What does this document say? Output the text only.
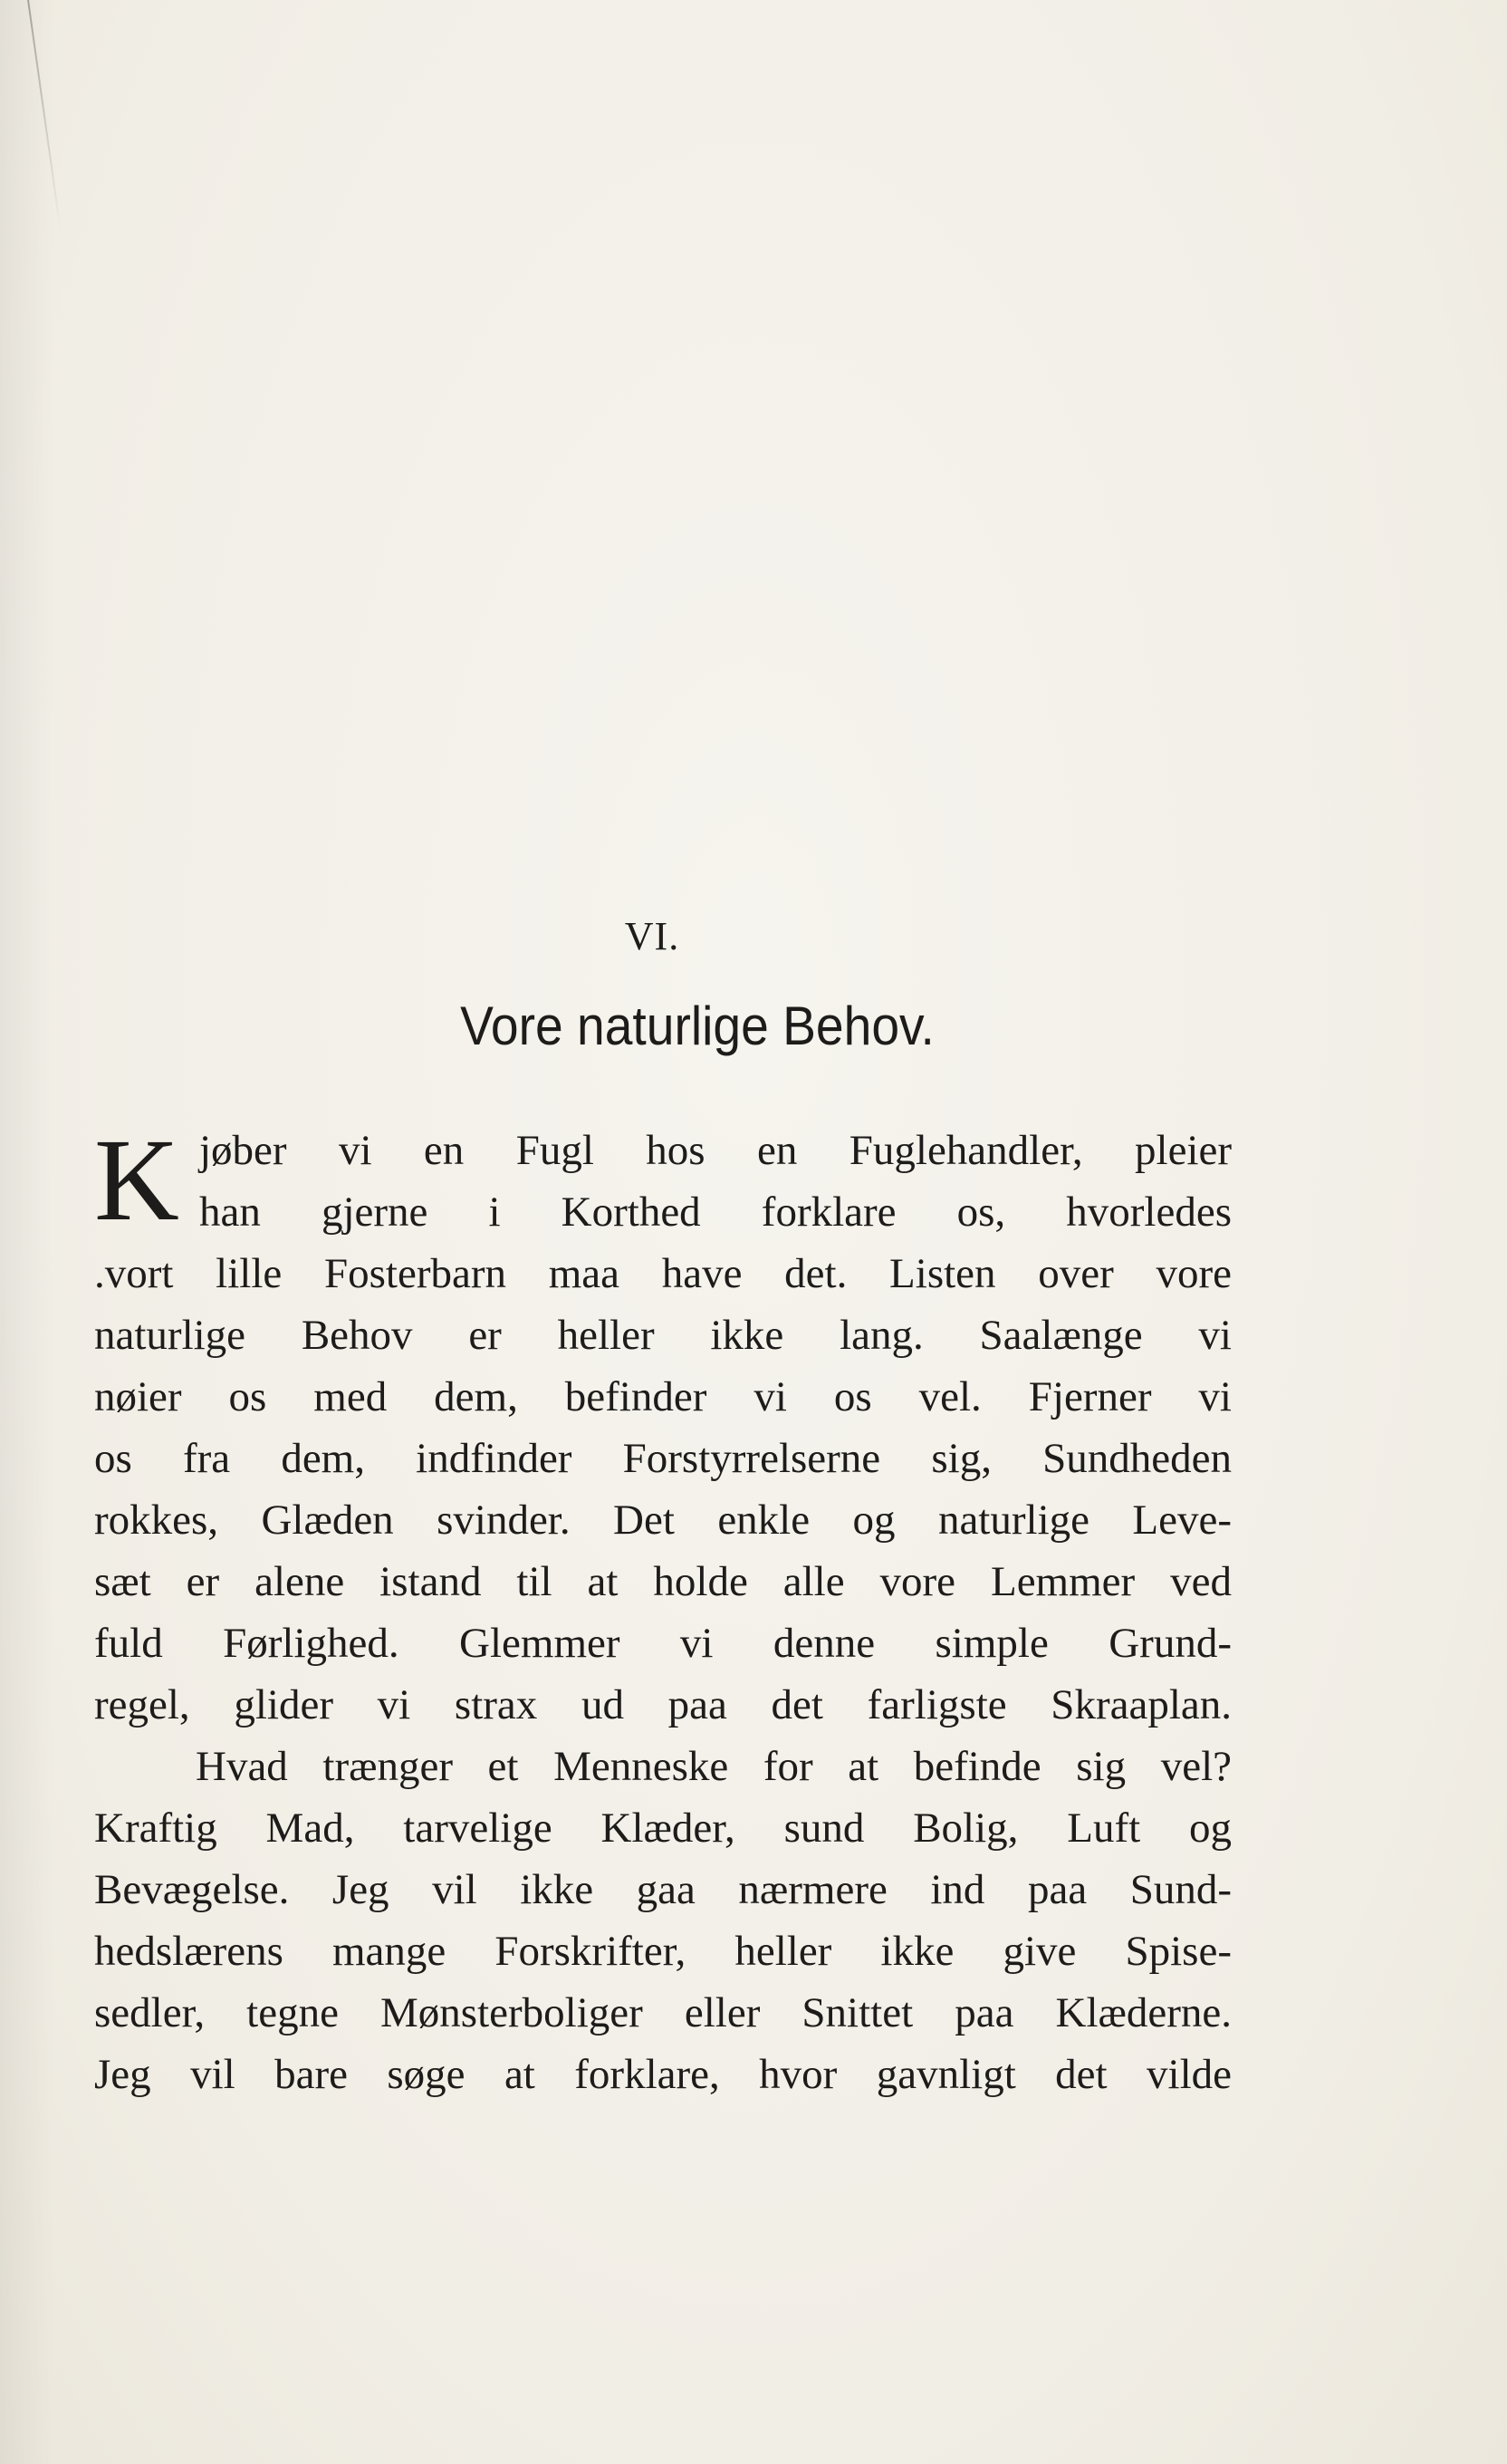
VI.
Vore naturlige Behov.
K jøber vi en Fugl hos en Fuglehandler, pleier
han gjerne i Korthed forklare os, hvorledes
.vort lille Fosterbarn maa have det. Listen over vore
naturlige Behov er heller ikke lang. Saalænge vi
nøier os med dem, befinder vi os vel. Fjerner vi
os fra dem, indfinder Forstyrrelserne sig, Sundheden
rokkes, Glæden svinder. Det enkle og naturlige Leve-
sæt er alene istand til at holde alle vore Lemmer ved
fuld Førlighed. Glemmer vi denne simple Grund-
regel, glider vi strax ud paa det farligste Skraaplan.
Hvad trænger et Menneske for at befinde sig vel?
Kraftig Mad, tarvelige Klæder, sund Bolig, Luft og
Bevægelse. Jeg vil ikke gaa nærmere ind paa Sund-
hedslærens mange Forskrifter, heller ikke give Spise-
sedler, tegne Mønsterboliger eller Snittet paa Klæderne.
Jeg vil bare søge at forklare, hvor gavnligt det vilde
